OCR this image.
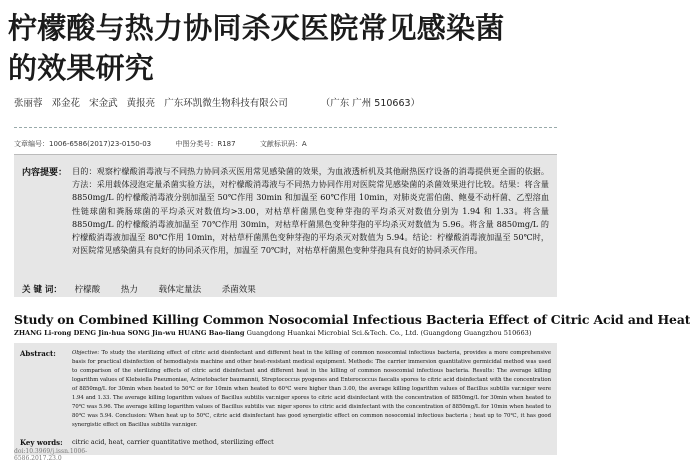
柠檬酸与热力协同杀灭医院常见感染菌
的效果研究
张丽蓉 邓金花 宋金武 黄报亮 广东环凯微生物科技有限公司	（广东 广州 510663）
文章编号：1006-6586(2017)23-0150-03	中图分类号：R187	文献标识码：A
内容提要： 目的：观察柠檬酸消毒液与不同热力协同杀灭医用常见感染菌的效果，为血液透析机及其他耐热医疗设备的消毒提供更全面的依据。方法：采用载体浸泡定量杀菌实验方法，对柠檬酸消毒液与不同热力协同作用对医院常见感染菌的杀菌效果进行比较。结果：将含量 8850mg/L 的柠檬酸消毒液分别加温至 50℃作用 30min 和加温至 60℃作用 10min，对肺炎克雷伯菌、鲍曼不动杆菌、乙型溶血性链球菌和粪肠球菌的平均杀灭对数值均>3.00，对枯草杆菌黑色变种芽孢的平均杀灭对数值分别为 1.94 和 1.33。将含量 8850mg/L 的柠檬酸消毒液加温至 70℃作用 30min，对枯草杆菌黑色变种芽孢的平均杀灭对数值为 5.96。将含量 8850mg/L 的柠檬酸消毒液加温至 80℃作用 10min，对枯草杆菌黑色变种芽孢的平均杀灭对数值为 5.94。结论：柠檬酸消毒液加温至 50℃时，对医院常见感染菌具有良好的协同杀灭作用，加温至 70℃时，对枯草杆菌黑色变种芽孢具有良好的协同杀灭作用。
关 键 词： 柠檬酸 热力 载体定量法 杀菌效果
Study on Combined Killing Common Nosocomial Infectious Bacteria Effect of Citric Acid and Heat
ZHANG Li-rong DENG Jin-hua SONG Jin-wu HUANG Bao-liang Guangdong Huankai Microbial Sci.&Tech. Co., Ltd. (Guangdong Guangzhou 510663)
Abstract:	Objective: To study the sterilizing effect of citric acid disinfectant and different heat in the killing of common nosocomial infectious bacteria, provides a more comprehensive basis for practical disinfection of hemodialysis machine and other heat-resistant medical equipment. Methods: The carrier immersion quantitative germicidal method was used to comparison of the sterilizing effects of citric acid disinfectant and different heat in the killing of common nosocomial infectious bacteria. Results: The average killing logarithm values of Klebsiella Pneumoniae, Acinetobacter baumannii, Streptococcus pyogenes and Enterococcus faecalis spores to citric acid disinfectant with the concentration of 8850mg/L for 30min when heated to 50℃ or for 10min when heated to 60℃ were higher than 3.00, the average killing logarithm values of Bacillus subtilis var.niger were 1.94 and 1.33. The average killing logarithm values of Bacillus subtilis var.niger spores to citric acid disinfectant with the concentration of 8850mg/L for 30min when heated to 70℃ was 5.96. The average killing logarithm values of Bacillus subtilis var. niger spores to citric acid disinfectant with the concentration of 8850mg/L for 10min when heated to 80℃ was 5.94. Conclusion: When heat up to 50℃, citric acid disinfectant has good synergistic effect on common nosocomial infectious bacteria ; heat up to 70℃, it has good synergistic effect on Bacillus subtilis var.niger.
Key words: citric acid, heat, carrier quantitative method, sterilizing effect
doi:10.3969/j.issn.1006-6586.2017.23.0
